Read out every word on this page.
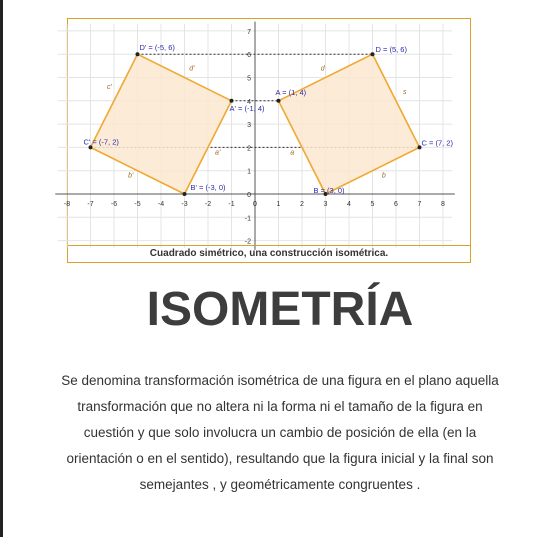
-8 -7 -6 -5 -4 -3 -2 -1	0	1	2	3	4	5	6	7	8
7
6
5
4
3
2
1
0
-1
-2
c'
d'
a'
b'
d
s
a
b
D' = (-5, 6)
A' = (-1, 4)
C' = (-7, 2)
B' = (-3, 0)
A = (1, 4)
D = (5, 6)
C = (7, 2)
B = (3, 0)
Cuadrado simétrico, una construcción isométrica.
ISOMETRÍA
Se denomina transformación isométrica de una figura en el plano aquella
transformación que no altera ni la forma ni el tamaño de la figura en
cuestión y que solo involucra un cambio de posición de ella (en la
orientación o en el sentido), resultando que la figura inicial y la final son
semejantes , y geométricamente congruentes .
